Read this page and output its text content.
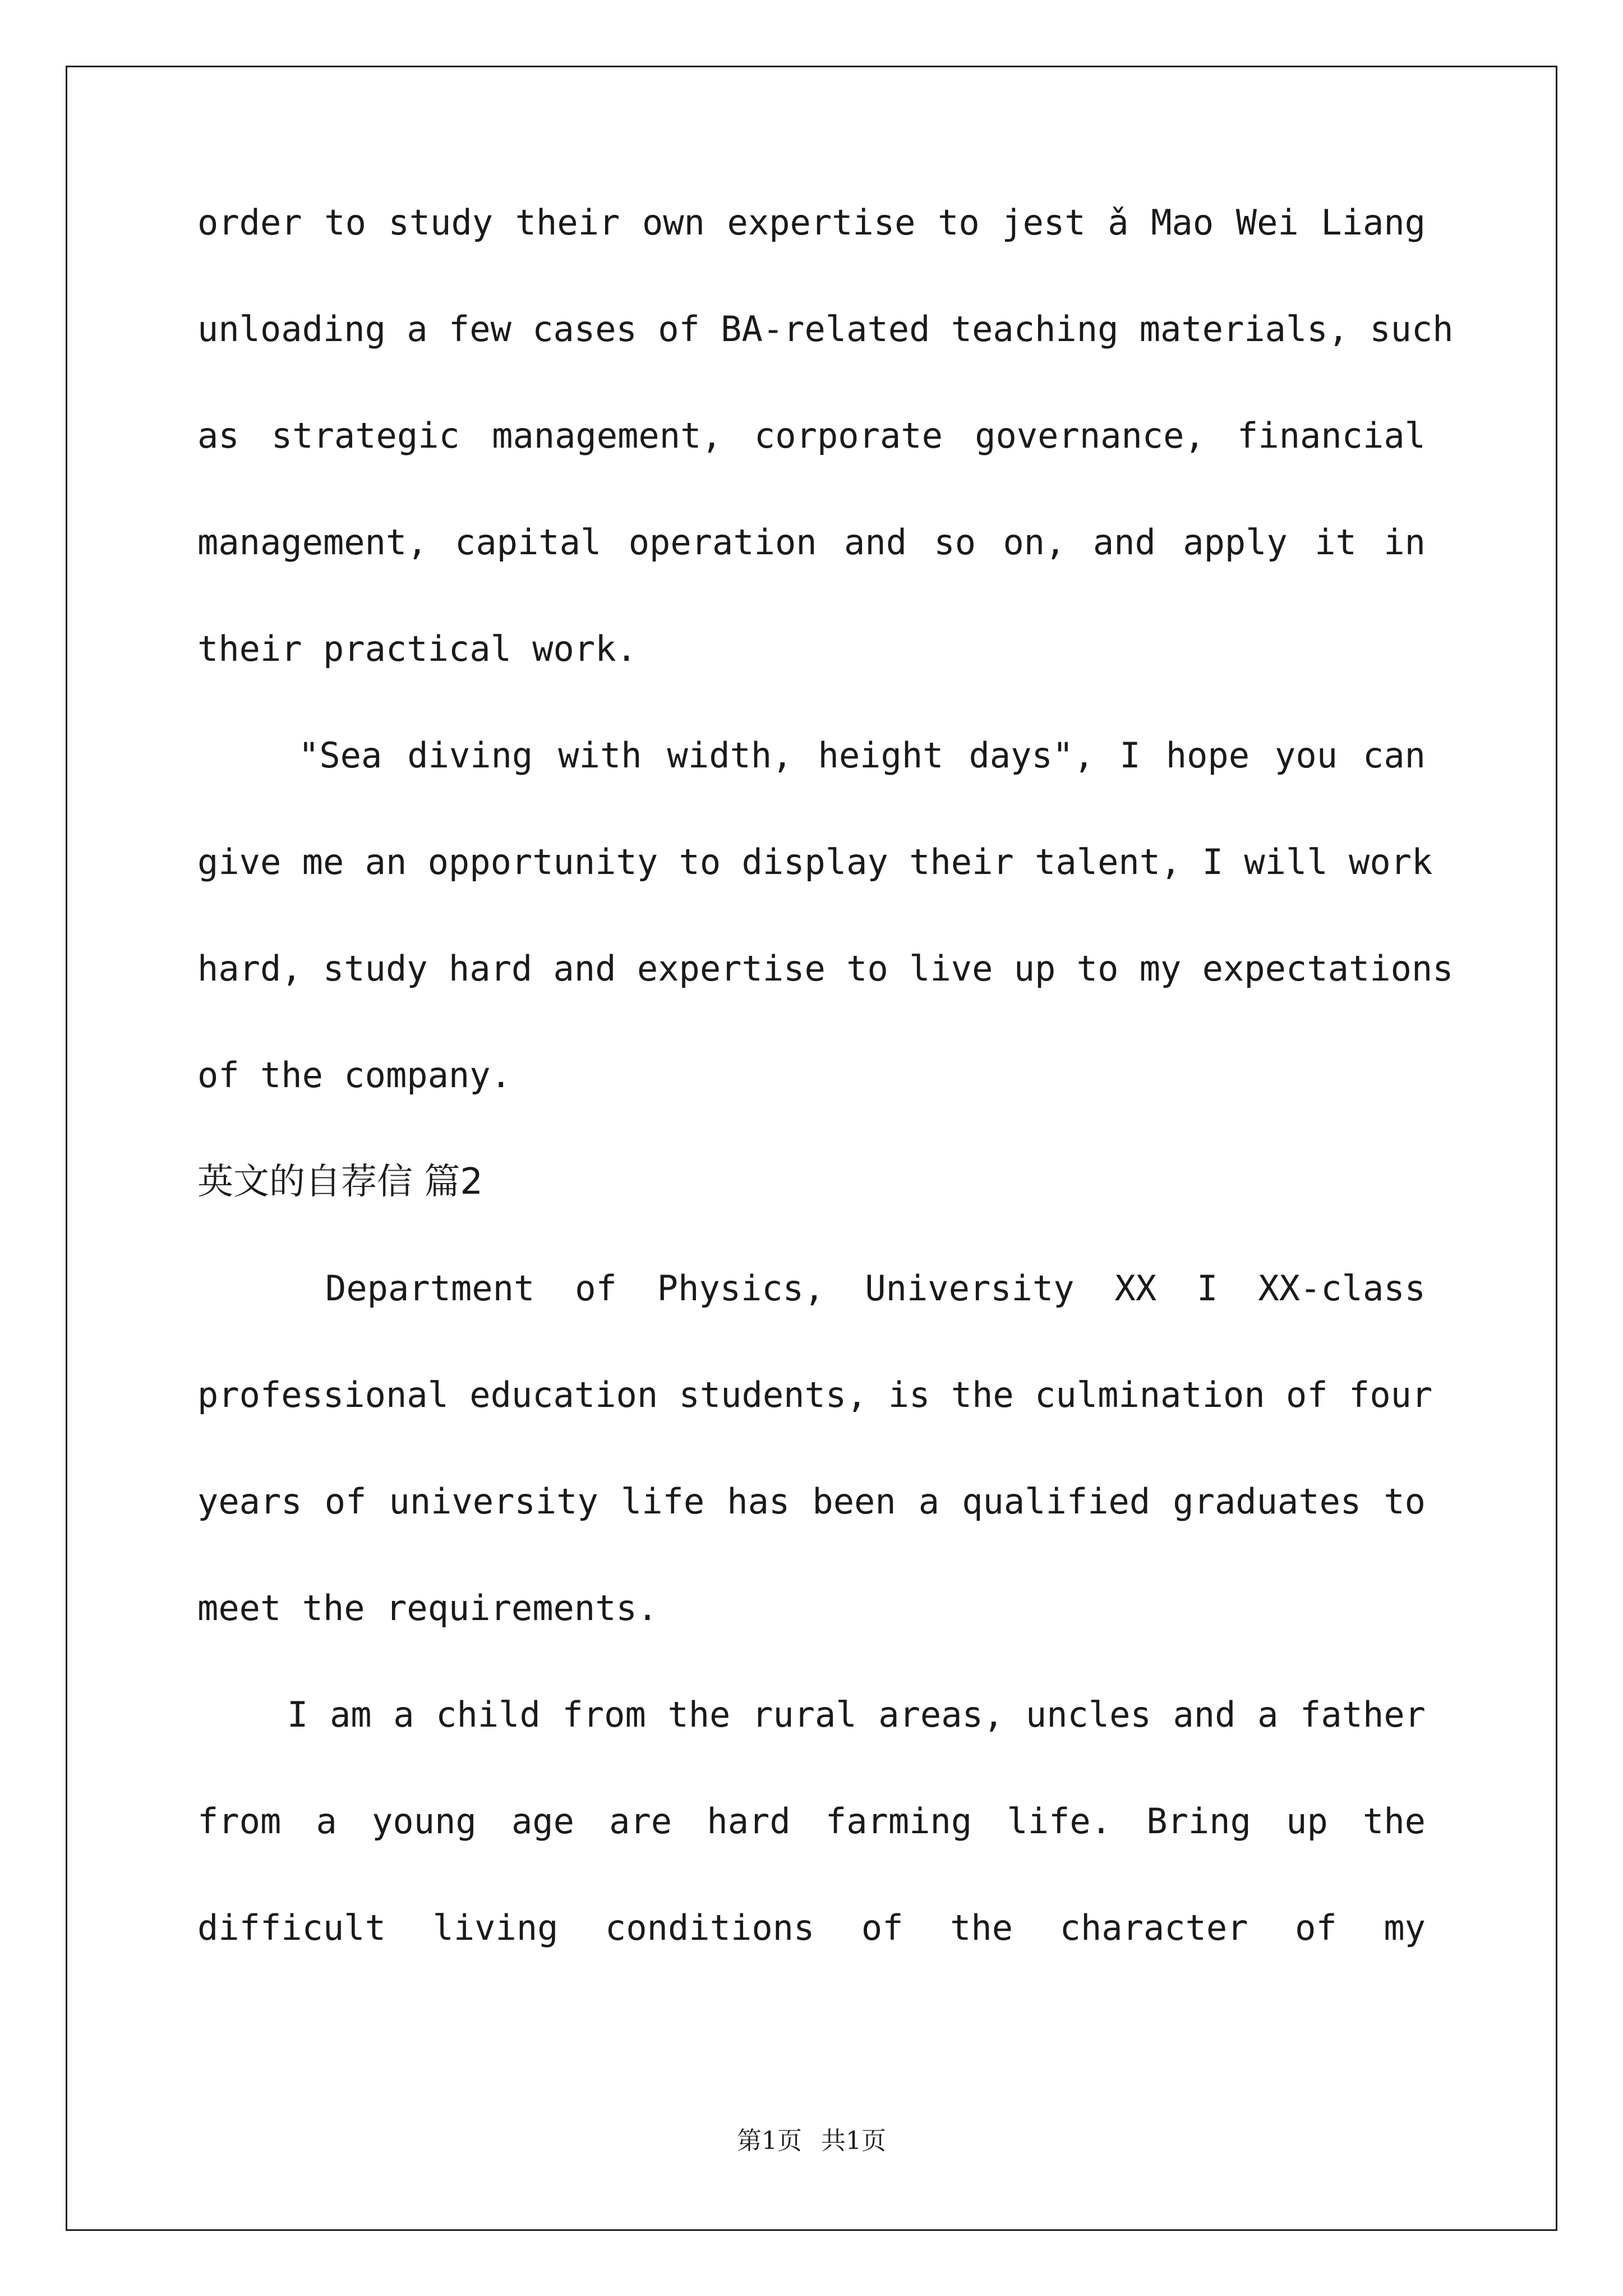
order to study their own expertise to jest ǎ Mao Wei Liang
unloading a few cases of BA-related teaching materials, such
as strategic management, corporate governance, financial
management, capital operation and so on, and apply it in
their practical work.
"Sea diving with width, height days", I hope you can
give me an opportunity to display their talent, I will work
hard, study hard and expertise to live up to my expectations
of the company.
英文的自荐信 篇2
Department of Physics, University XX I XX-class
professional education students, is the culmination of four
years of university life has been a qualified graduates to
meet the requirements.
I am a child from the rural areas, uncles and a father
from a young age are hard farming life. Bring up the
difficult living conditions of the character of my
第1页 共1页
